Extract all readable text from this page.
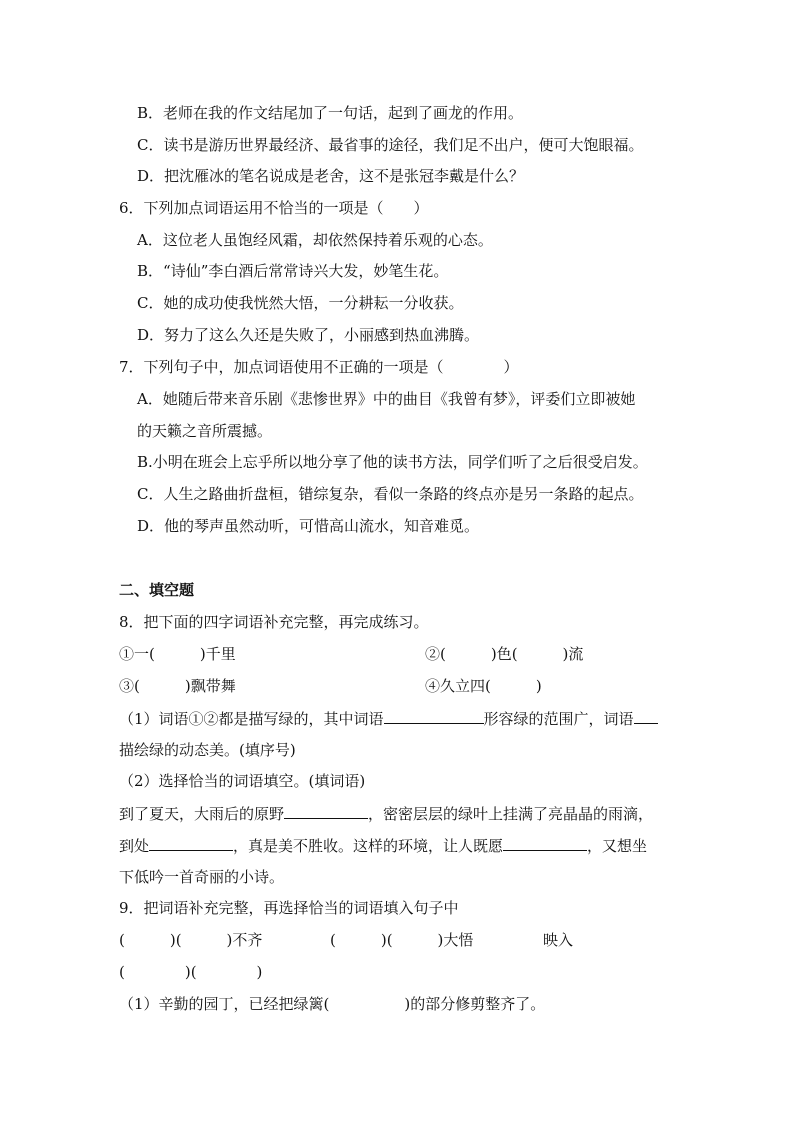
B．老师在我的作文结尾加了一句话，起到了画龙的作用。
C．读书是游历世界最经济、最省事的途径，我们足不出户，便可大饱眼福。
D．把沈雁冰的笔名说成是老舍，这不是张冠李戴是什么？
6．下列加点词语运用不恰当的一项是（　　）
A．这位老人虽饱经风霜，却依然保持着乐观的心态。
B．“诗仙”李白酒后常常诗兴大发，妙笔生花。
C．她的成功使我恍然大悟，一分耕耘一分收获。
D．努力了这么久还是失败了，小丽感到热血沸腾。
7．下列句子中，加点词语使用不正确的一项是（　　　　）
A．她随后带来音乐剧《悲惨世界》中的曲目《我曾有梦》，评委们立即被她
的天籁之音所震撼。
B.小明在班会上忘乎所以地分享了他的读书方法，同学们听了之后很受启发。
C．人生之路曲折盘桓，错综复杂，看似一条路的终点亦是另一条路的起点。
D．他的琴声虽然动听，可惜高山流水，知音难觅。
二、填空题
8．把下面的四字词语补充完整，再完成练习。
①一(　　　)千里	②(　　　)色(　　　)流
③(　　　)飘带舞	④久立四(　　　)
（1）词语①②都是描写绿的，其中词语	形容绿的范围广，词语
描绘绿的动态美。(填序号)
（2）选择恰当的词语填空。(填词语)
到了夏天，大雨后的原野	，密密层层的绿叶上挂满了亮晶晶的雨滴，
到处	，真是美不胜收。这样的环境，让人既愿	，又想坐
下低吟一首奇丽的小诗。
9．把词语补充完整，再选择恰当的词语填入句子中
(　　　)(　　　)不齐	(　　　)(　　　)大悟	映入
(　　　　)(　　　　)
（1）辛勤的园丁，已经把绿篱(　　　　　)的部分修剪整齐了。
